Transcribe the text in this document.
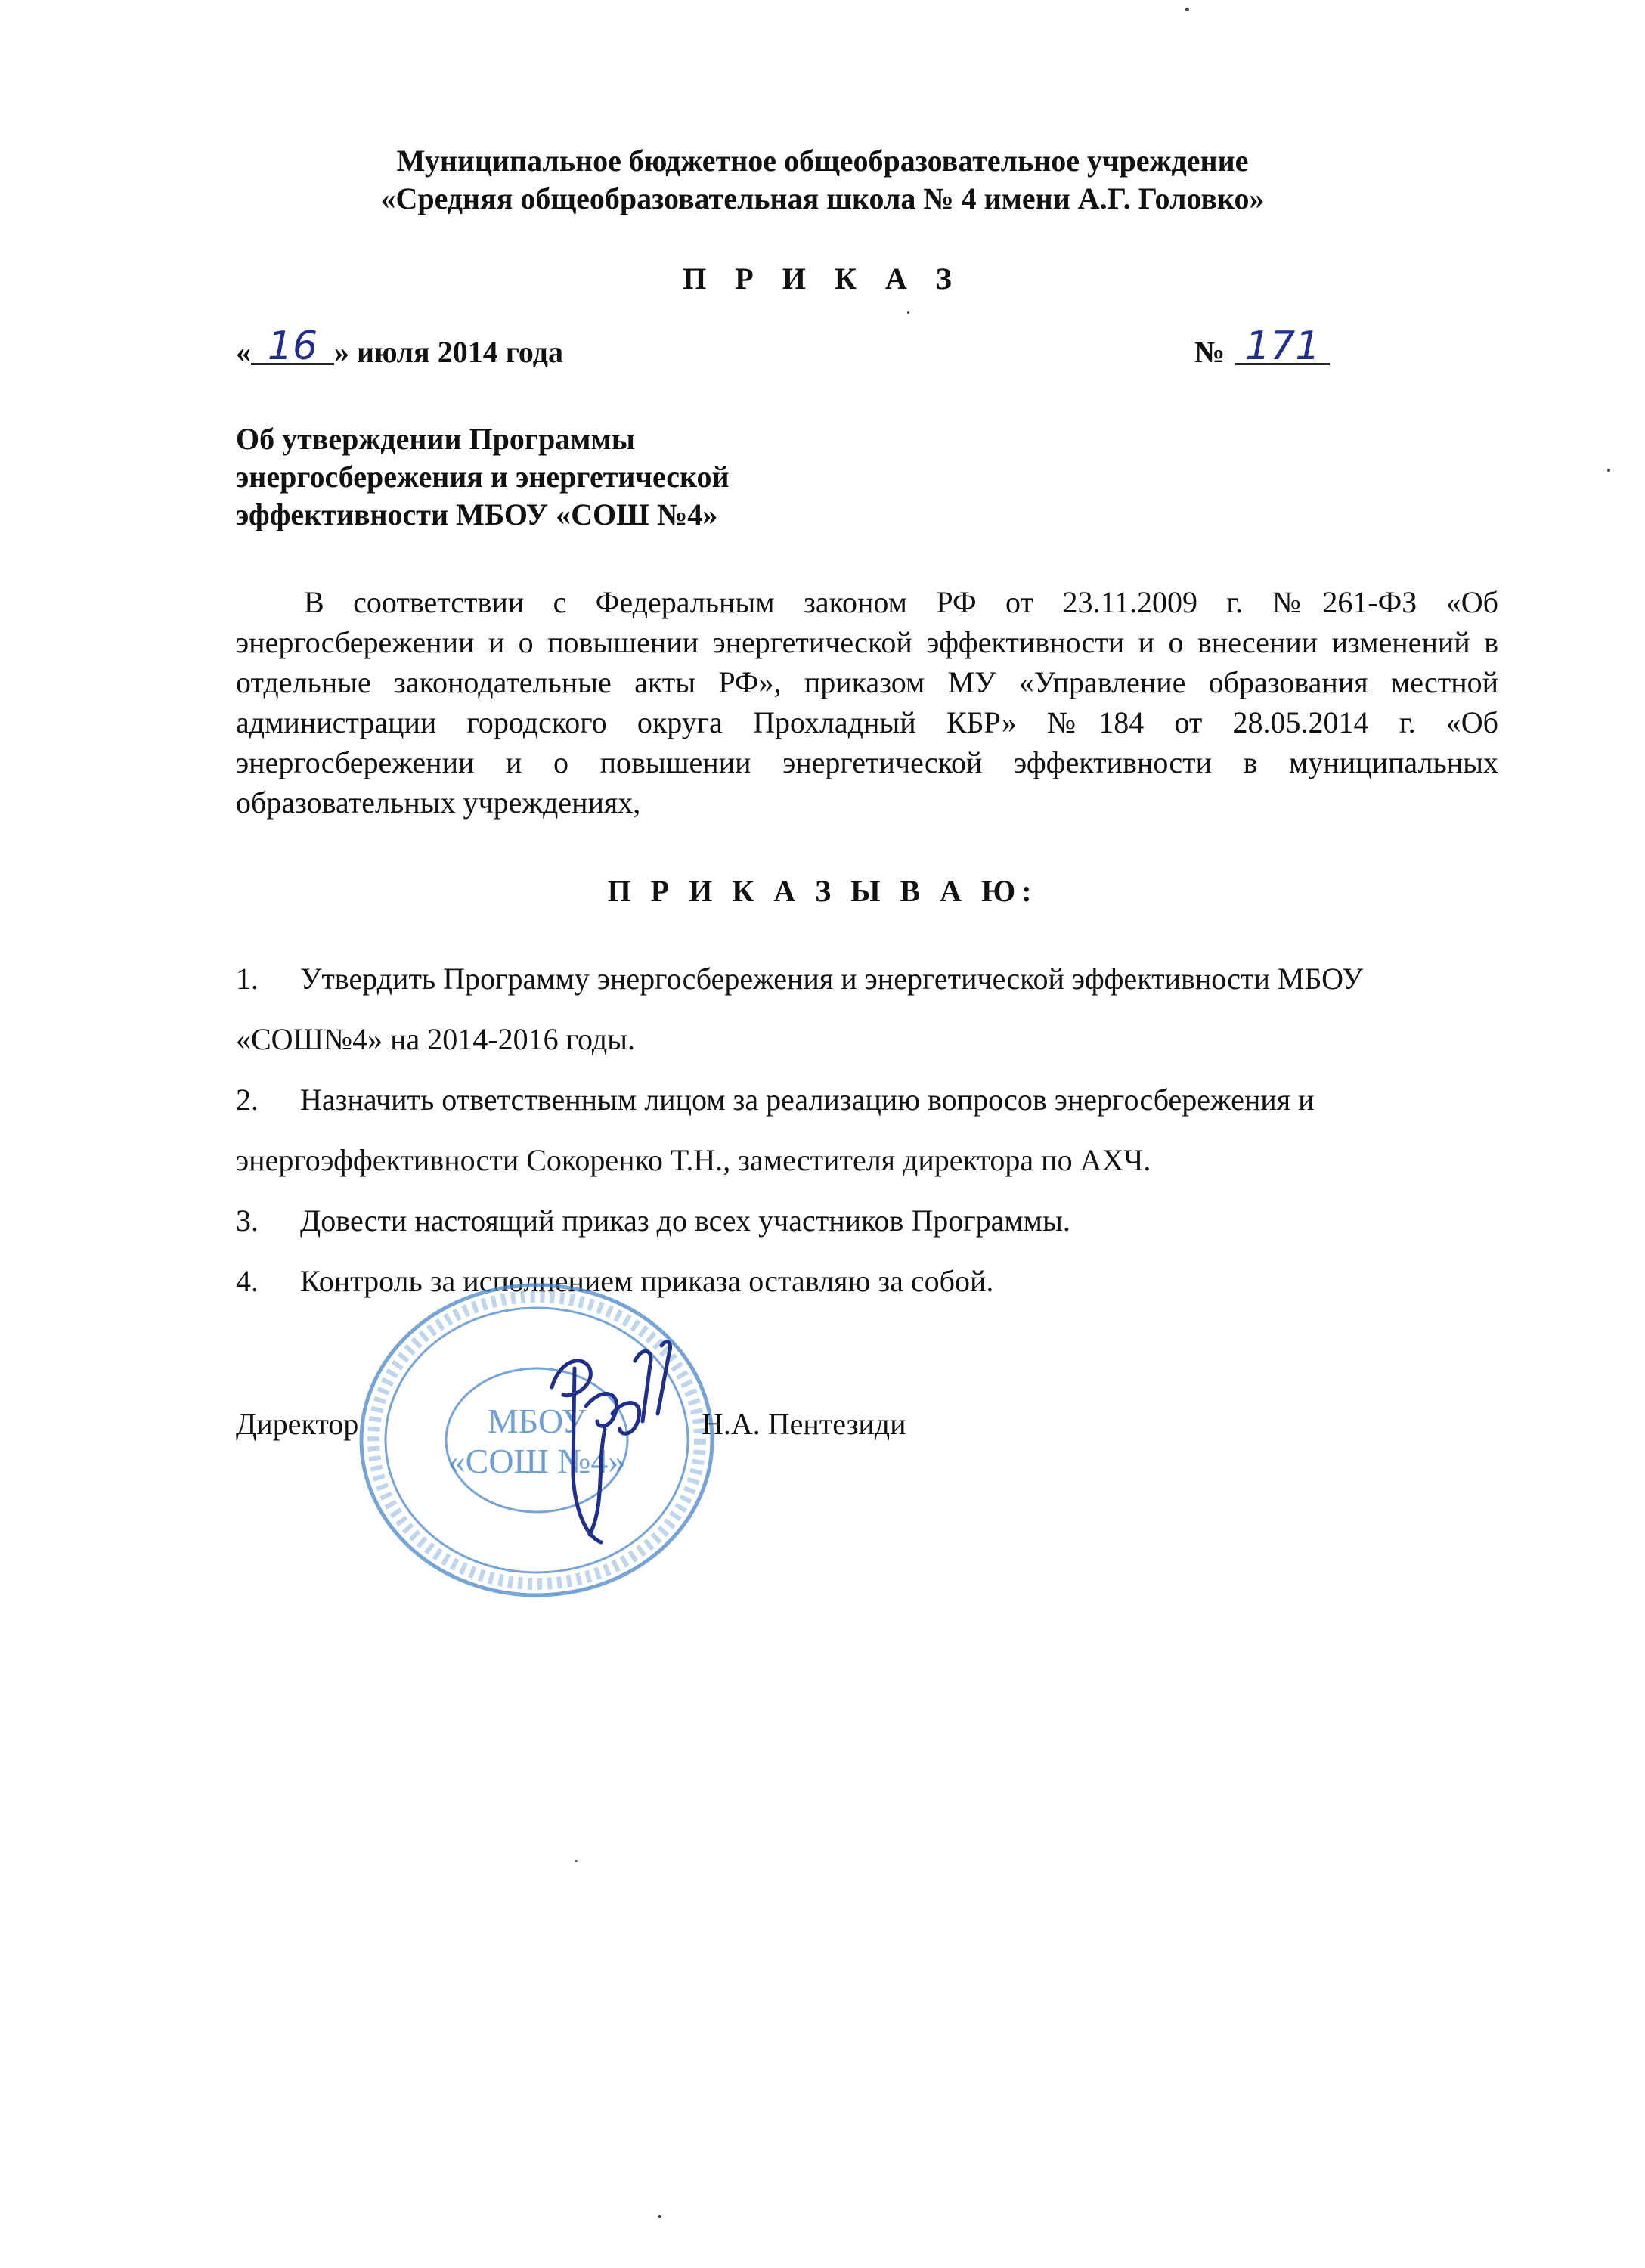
Муниципальное бюджетное общеобразовательное учреждение
«Средняя общеобразовательная школа № 4 имени А.Г. Головко»
П Р И К А З
« 16 » июля 2014 года	№ 171
Об утверждении Программы
энергосбережения и энергетической
эффективности МБОУ «СОШ №4»
В соответствии с Федеральным законом РФ от 23.11.2009 г. №261-ФЗ «Об энергосбережении и о повышении энергетической эффективности и о внесении изменений в отдельные законодательные акты РФ», приказом МУ «Управление образования местной администрации городского округа Прохладный КБР» №184 от 28.05.2014 г. «Об энергосбережении и о повышении энергетической эффективности в муниципальных образовательных учреждениях,
П Р И К А З Ы В А Ю:
1. Утвердить Программу энергосбережения и энергетической эффективности МБОУ «СОШ№4» на 2014-2016 годы.
2. Назначить ответственным лицом за реализацию вопросов энергосбережения и энергоэффективности Сокоренко Т.Н., заместителя директора по АХЧ.
3. Довести настоящий приказ до всех участников Программы.
4. Контроль за исполнением приказа оставляю за собой.
МБОУ
«СОШ №4»
Директор	Н.А. Пентезиди
